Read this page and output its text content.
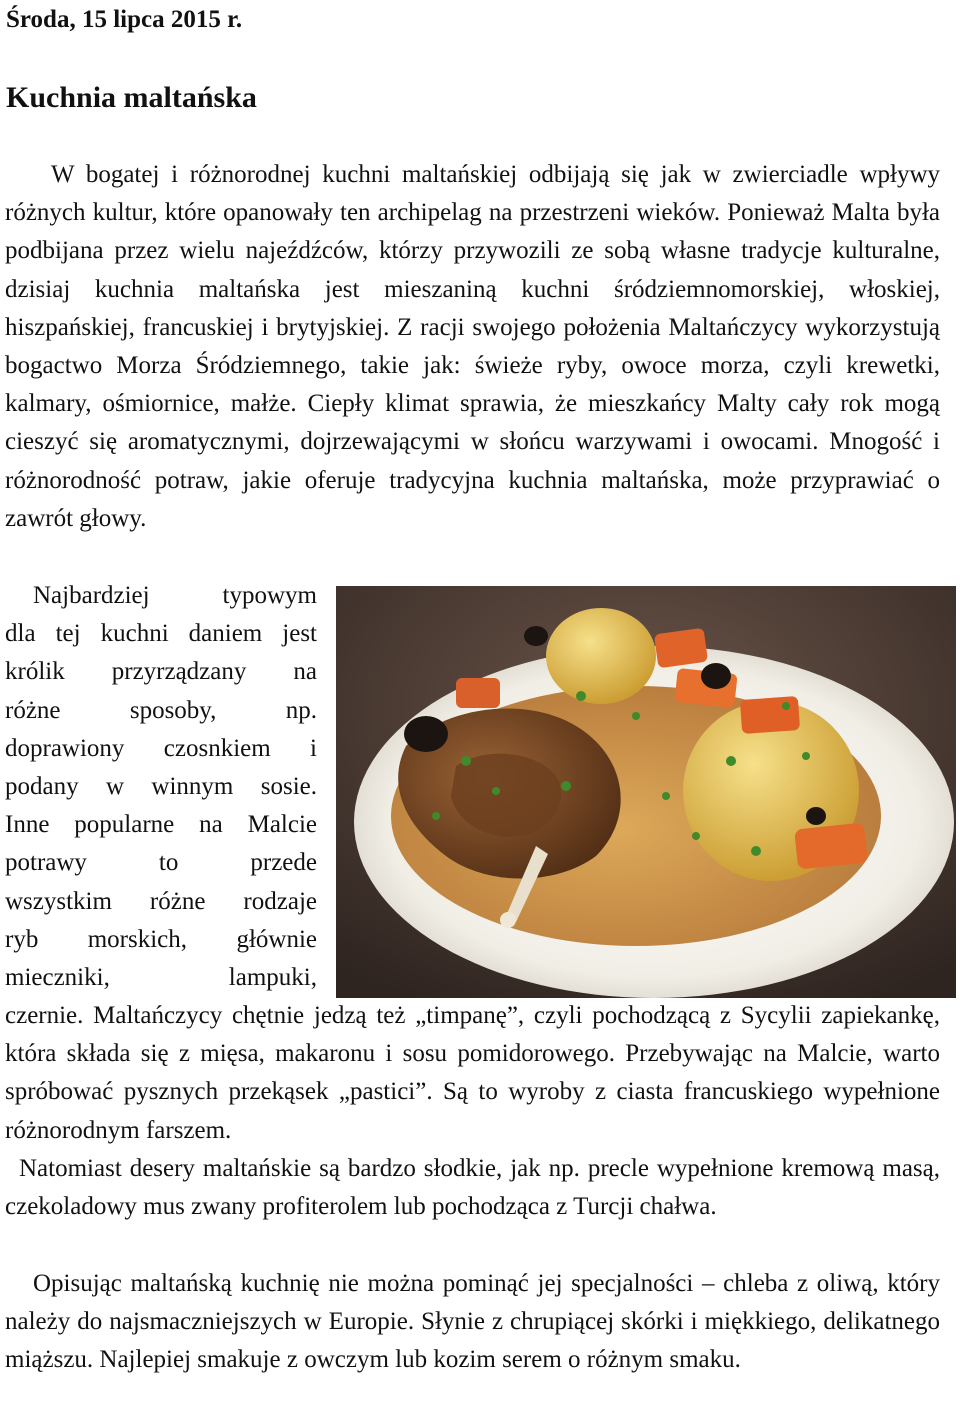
Środa, 15 lipca 2015 r.
Kuchnia maltańska

W bogatej i różnorodnej kuchni maltańskiej odbijają się jak w zwierciadle wpływy różnych kultur, które opanowały ten archipelag na przestrzeni wieków. Ponieważ Malta była podbijana przez wielu najeźdźców, którzy przywozili ze sobą własne tradycje kulturalne, dzisiaj kuchnia maltańska jest mieszaniną kuchni śródziemnomorskiej, włoskiej, hiszpańskiej, francuskiej i brytyjskiej. Z racji swojego położenia Maltańczycy wykorzystują bogactwo Morza Śródziemnego, takie jak: świeże ryby, owoce morza, czyli krewetki, kalmary, ośmiornice, małże. Ciepły klimat sprawia, że mieszkańcy Malty cały rok mogą cieszyć się aromatycznymi, dojrzewającymi w słońcu warzywami i owocami. Mnogość i różnorodność potraw, jakie oferuje tradycyjna kuchnia maltańska, może przyprawiać o zawrót głowy.

Najbardziej typowym
dla tej kuchni daniem jest
królik przyrządzany na
różne sposoby, np.
doprawiony czosnkiem i
podany w winnym sosie.
Inne popularne na Malcie
potrawy to przede
wszystkim różne rodzaje
ryb morskich, głównie
mieczniki, lampuki,

czernie. Maltańczycy chętnie jedzą też „timpanę”, czyli pochodzącą z Sycylii zapiekankę, która składa się z mięsa, makaronu i sosu pomidorowego. Przebywając na Malcie, warto spróbować pysznych przekąsek „pastici”. Są to wyroby z ciasta francuskiego wypełnione różnorodnym farszem.

Natomiast desery maltańskie są bardzo słodkie, jak np. precle wypełnione kremową masą, czekoladowy mus zwany profiterolem lub pochodząca z Turcji chałwa.

Opisując maltańską kuchnię nie można pominąć jej specjalności – chleba z oliwą, który należy do najsmaczniejszych w Europie. Słynie z chrupiącej skórki i miękkiego, delikatnego miąższu. Najlepiej smakuje z owczym lub kozim serem o różnym smaku.
